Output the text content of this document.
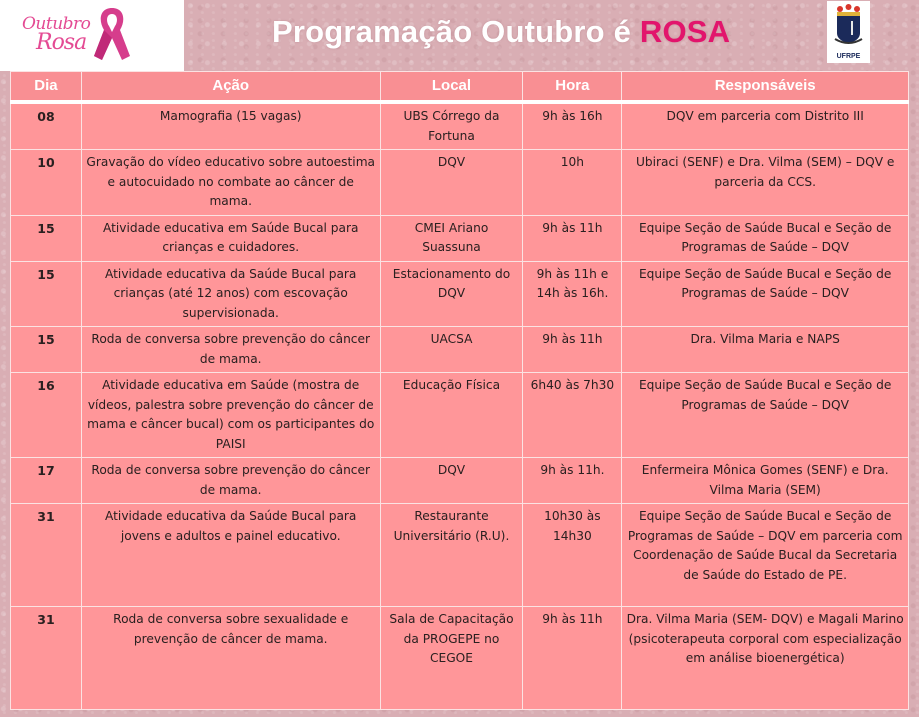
Outubro
Rosa	Programação Outubro é ROSA
UFRPE
Dia	Ação	Local	Hora	Responsáveis
08	Mamografia (15 vagas)	UBS Córrego da Fortuna	9h às 16h	DQV em parceria com Distrito III
10	Gravação do vídeo educativo sobre autoestima e autocuidado no combate ao câncer de mama.	DQV	10h	Ubiraci (SENF) e Dra. Vilma (SEM) – DQV e parceria da CCS.
15	Atividade educativa em Saúde Bucal para crianças e cuidadores.	CMEI Ariano Suassuna	9h às 11h	Equipe Seção de Saúde Bucal e Seção de Programas de Saúde – DQV
15	Atividade educativa da Saúde Bucal para crianças (até 12 anos) com escovação supervisionada.	Estacionamento do DQV	9h às 11h e 14h às 16h.	Equipe Seção de Saúde Bucal e Seção de Programas de Saúde – DQV
15	Roda de conversa sobre prevenção do câncer de mama.	UACSA	9h às 11h	Dra. Vilma Maria e NAPS
16	Atividade educativa em Saúde (mostra de vídeos, palestra sobre prevenção do câncer de mama e câncer bucal) com os participantes do PAISI	Educação Física	6h40 às 7h30	Equipe Seção de Saúde Bucal e Seção de Programas de Saúde – DQV
17	Roda de conversa sobre prevenção do câncer de mama.	DQV	9h às 11h.	Enfermeira Mônica Gomes (SENF) e Dra. Vilma Maria (SEM)
31	Atividade educativa da Saúde Bucal para jovens e adultos e painel educativo.	Restaurante Universitário (R.U).	10h30 às 14h30	Equipe Seção de Saúde Bucal e Seção de Programas de Saúde – DQV em parceria com Coordenação de Saúde Bucal da Secretaria de Saúde do Estado de PE.
31	Roda de conversa sobre sexualidade e prevenção de câncer de mama.	Sala de Capacitação da PROGEPE no CEGOE	9h às 11h	Dra. Vilma Maria (SEM- DQV) e Magali Marino (psicoterapeuta corporal com especialização em análise bioenergética)
